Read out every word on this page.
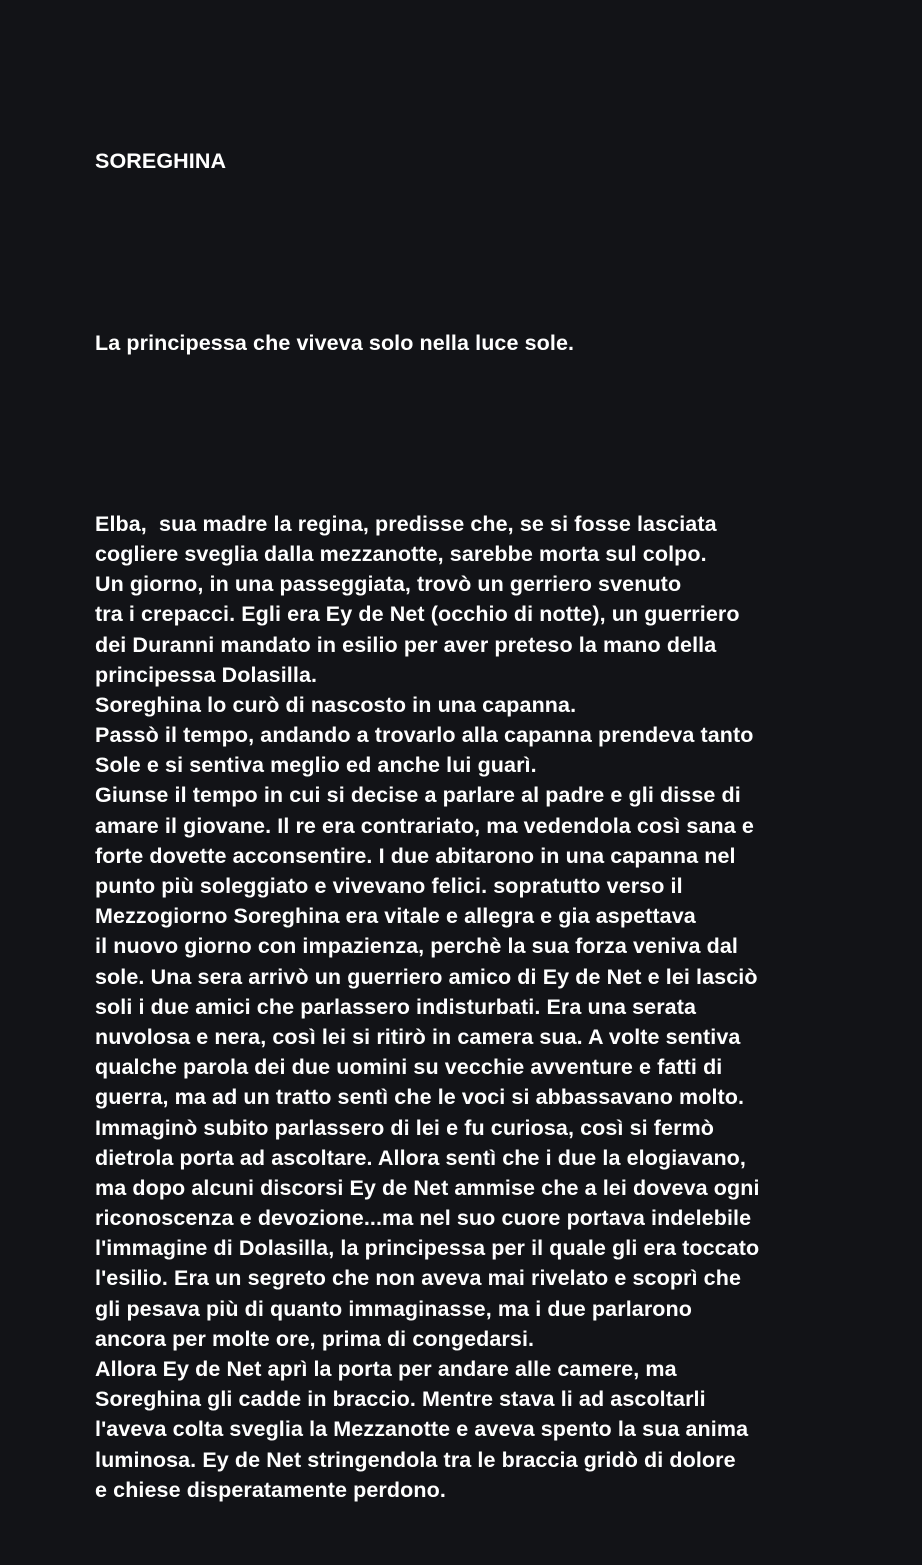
SOREGHINA

La principessa che viveva solo nella luce sole.

Elba,  sua madre la regina, predisse che, se si fosse lasciata
cogliere sveglia dalla mezzanotte, sarebbe morta sul colpo.
Un giorno, in una passeggiata, trovò un gerriero svenuto
tra i crepacci. Egli era Ey de Net (occhio di notte), un guerriero
dei Duranni mandato in esilio per aver preteso la mano della
principessa Dolasilla.
Soreghina lo curò di nascosto in una capanna.
Passò il tempo, andando a trovarlo alla capanna prendeva tanto
Sole e si sentiva meglio ed anche lui guarì.
Giunse il tempo in cui si decise a parlare al padre e gli disse di
amare il giovane. Il re era contrariato, ma vedendola così sana e
forte dovette acconsentire. I due abitarono in una capanna nel
punto più soleggiato e vivevano felici. sopratutto verso il
Mezzogiorno Soreghina era vitale e allegra e gia aspettava
il nuovo giorno con impazienza, perchè la sua forza veniva dal
sole. Una sera arrivò un guerriero amico di Ey de Net e lei lasciò
soli i due amici che parlassero indisturbati. Era una serata
nuvolosa e nera, così lei si ritirò in camera sua. A volte sentiva
qualche parola dei due uomini su vecchie avventure e fatti di
guerra, ma ad un tratto sentì che le voci si abbassavano molto.
Immaginò subito parlassero di lei e fu curiosa, così si fermò
dietrola porta ad ascoltare. Allora sentì che i due la elogiavano,
ma dopo alcuni discorsi Ey de Net ammise che a lei doveva ogni
riconoscenza e devozione...ma nel suo cuore portava indelebile
l'immagine di Dolasilla, la principessa per il quale gli era toccato
l'esilio. Era un segreto che non aveva mai rivelato e scoprì che
gli pesava più di quanto immaginasse, ma i due parlarono
ancora per molte ore, prima di congedarsi.
Allora Ey de Net aprì la porta per andare alle camere, ma
Soreghina gli cadde in braccio. Mentre stava li ad ascoltarli
l'aveva colta sveglia la Mezzanotte e aveva spento la sua anima
luminosa. Ey de Net stringendola tra le braccia gridò di dolore
e chiese disperatamente perdono.
